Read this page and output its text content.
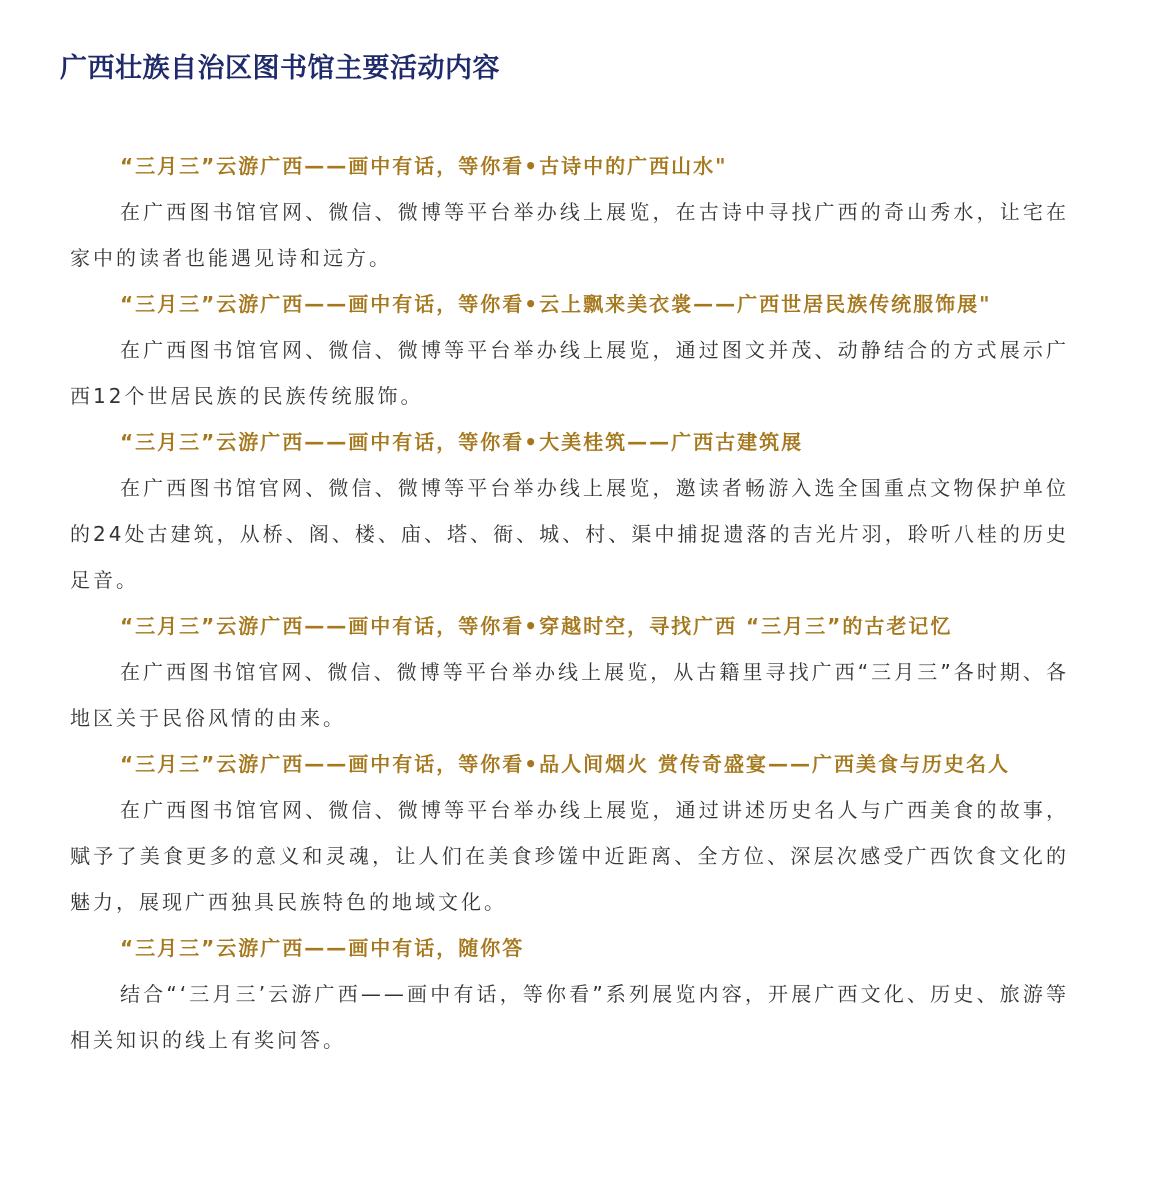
广西壮族自治区图书馆主要活动内容

“三月三”云游广西——画中有话，等你看•古诗中的广西山水"

在广西图书馆官网、微信、微博等平台举办线上展览，在古诗中寻找广西的奇山秀水，让宅在家中的读者也能遇见诗和远方。

“三月三”云游广西——画中有话，等你看•云上飘来美衣裳——广西世居民族传统服饰展"

在广西图书馆官网、微信、微博等平台举办线上展览，通过图文并茂、动静结合的方式展示广西12个世居民族的民族传统服饰。

“三月三”云游广西——画中有话，等你看•大美桂筑——广西古建筑展

在广西图书馆官网、微信、微博等平台举办线上展览，邀读者畅游入选全国重点文物保护单位的24处古建筑，从桥、阁、楼、庙、塔、衙、城、村、渠中捕捉遗落的吉光片羽，聆听八桂的历史足音。

“三月三”云游广西——画中有话，等你看•穿越时空，寻找广西 “三月三”的古老记忆

在广西图书馆官网、微信、微博等平台举办线上展览，从古籍里寻找广西“三月三”各时期、各地区关于民俗风情的由来。

“三月三”云游广西——画中有话，等你看•品人间烟火 赏传奇盛宴——广西美食与历史名人

在广西图书馆官网、微信、微博等平台举办线上展览，通过讲述历史名人与广西美食的故事，赋予了美食更多的意义和灵魂，让人们在美食珍馐中近距离、全方位、深层次感受广西饮食文化的魅力，展现广西独具民族特色的地域文化。

“三月三”云游广西——画中有话，随你答

结合“‘三月三’云游广西——画中有话，等你看”系列展览内容，开展广西文化、历史、旅游等相关知识的线上有奖问答。
